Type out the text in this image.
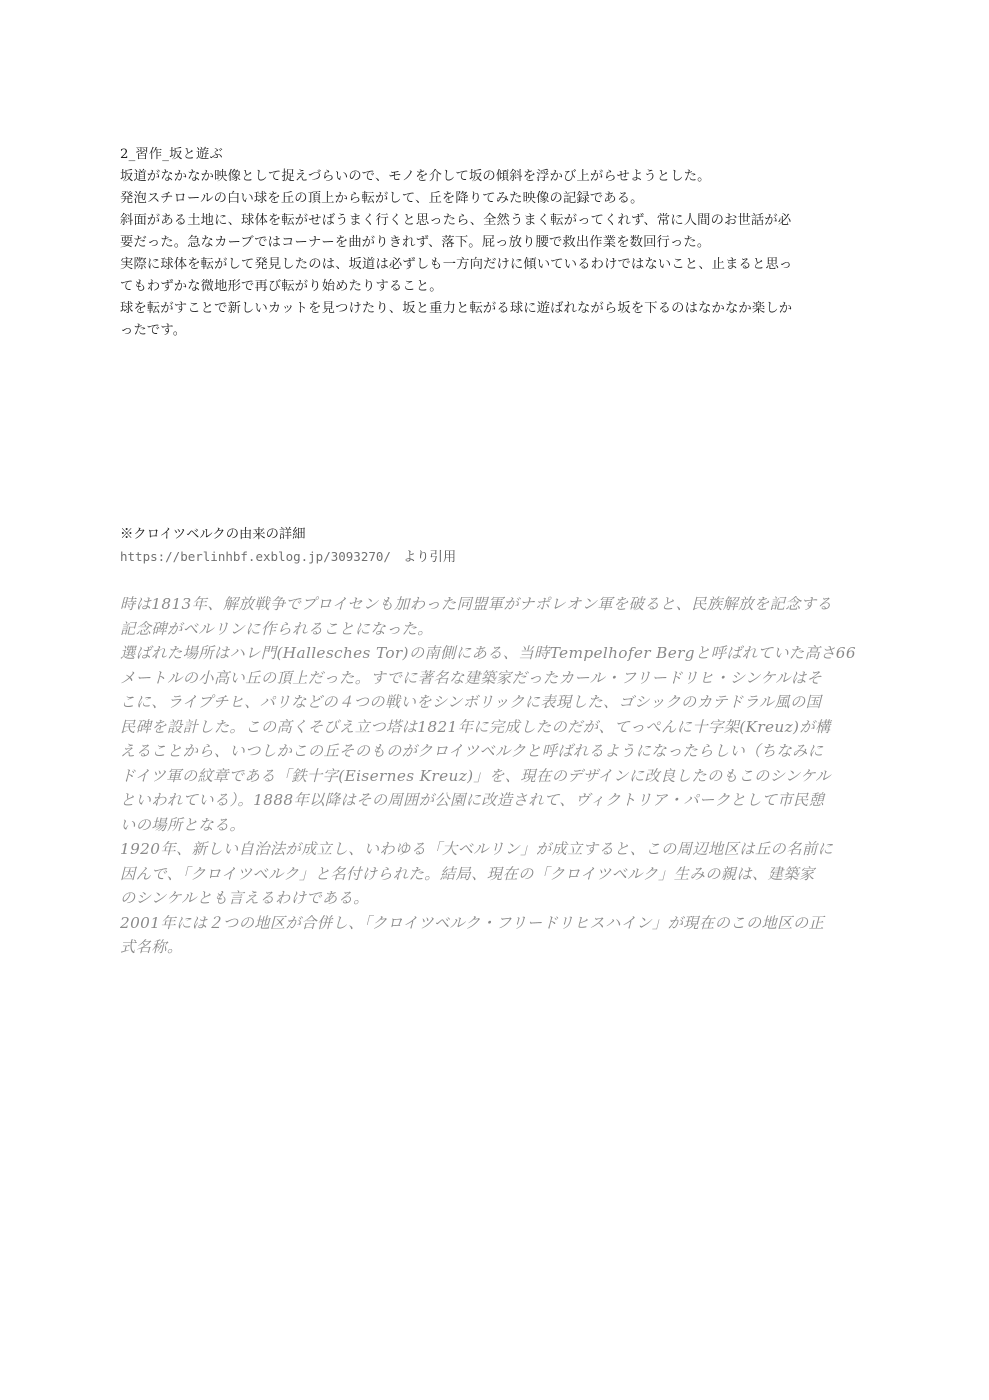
2_習作_坂と遊ぶ
坂道がなかなか映像として捉えづらいので、モノを介して坂の傾斜を浮かび上がらせようとした。
発泡スチロールの白い球を丘の頂上から転がして、丘を降りてみた映像の記録である。
斜面がある土地に、球体を転がせばうまく行くと思ったら、全然うまく転がってくれず、常に人間のお世話が必
要だった。急なカーブではコーナーを曲がりきれず、落下。屁っ放り腰で救出作業を数回行った。
実際に球体を転がして発見したのは、坂道は必ずしも一方向だけに傾いているわけではないこと、止まると思っ
てもわずかな微地形で再び転がり始めたりすること。
球を転がすことで新しいカットを見つけたり、坂と重力と転がる球に遊ばれながら坂を下るのはなかなか楽しか
ったです。
※クロイツベルクの由来の詳細
https://berlinhbf.exblog.jp/3093270/ より引用
時は1813年、解放戦争でプロイセンも加わった同盟軍がナポレオン軍を破ると、民族解放を記念する
記念碑がベルリンに作られることになった。
選ばれた場所はハレ門(Hallesches Tor)の南側にある、当時Tempelhofer Bergと呼ばれていた高さ66
メートルの小高い丘の頂上だった。すでに著名な建築家だったカール・フリードリヒ・シンケルはそ
こに、ライプチヒ、パリなどの４つの戦いをシンボリックに表現した、ゴシックのカテドラル風の国
民碑を設計した。この高くそびえ立つ塔は1821年に完成したのだが、てっぺんに十字架(Kreuz)が構
えることから、いつしかこの丘そのものがクロイツベルクと呼ばれるようになったらしい（ちなみに
ドイツ軍の紋章である「鉄十字(Eisernes Kreuz)」を、現在のデザインに改良したのもこのシンケル
といわれている）。1888年以降はその周囲が公園に改造されて、ヴィクトリア・パークとして市民憩
いの場所となる。
1920年、新しい自治法が成立し、いわゆる「大ベルリン」が成立すると、この周辺地区は丘の名前に
因んで、「クロイツベルク」と名付けられた。結局、現在の「クロイツベルク」生みの親は、建築家
のシンケルとも言えるわけである。
2001年には２つの地区が合併し、「クロイツベルク・フリードリヒスハイン」が現在のこの地区の正
式名称。
